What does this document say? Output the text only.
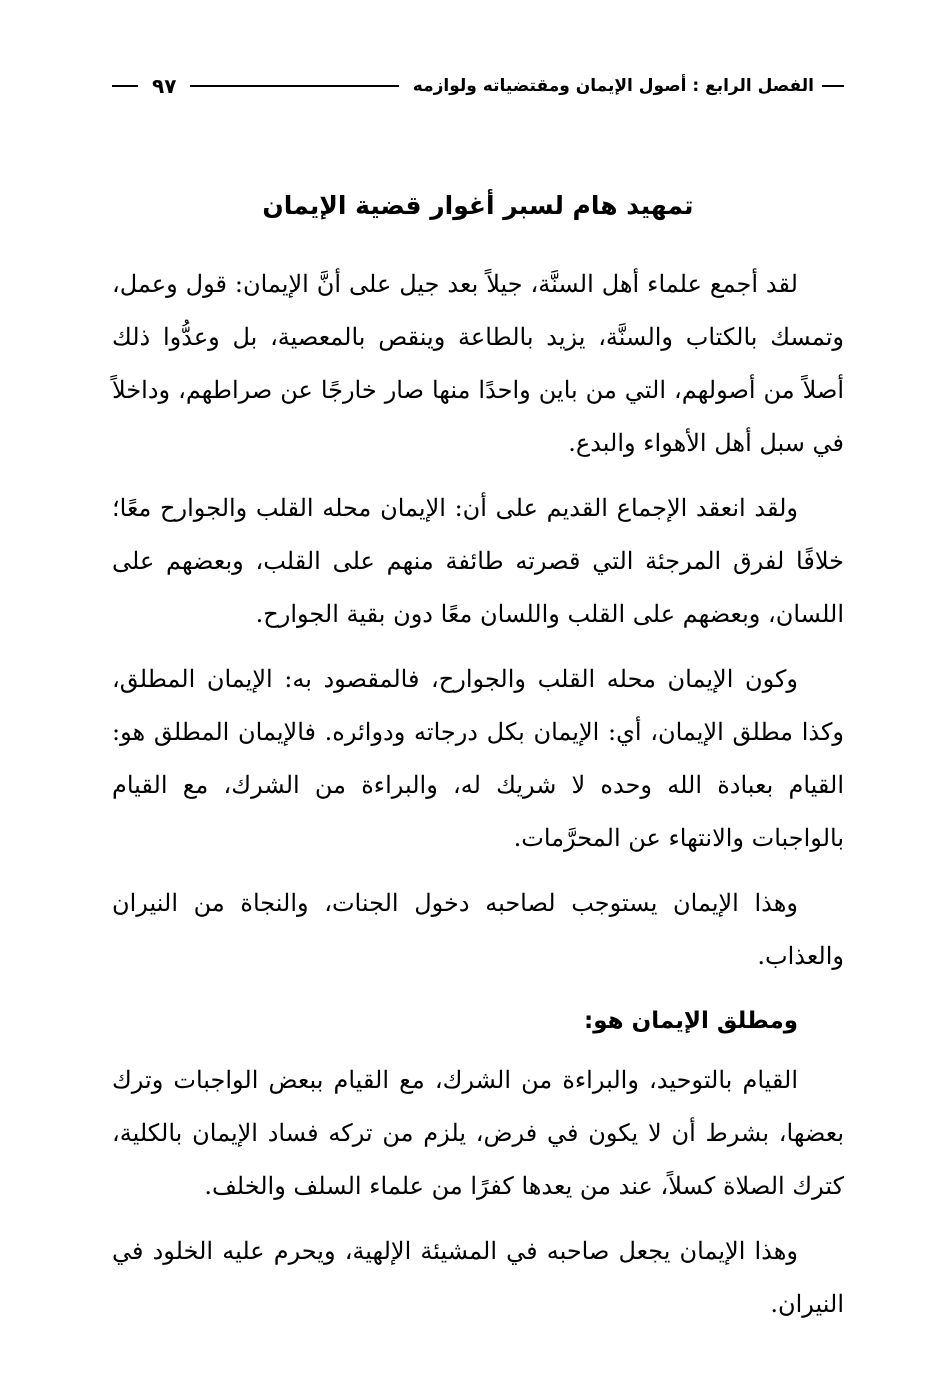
الفصل الرابع : أصول الإيمان ومقتضياته ولوازمه
٩٧
تمهيد هام لسبر أغوار قضية الإيمان

لقد أجمع علماء أهل السنَّة، جيلاً بعد جيل على أنَّ الإيمان: قول وعمل، وتمسك بالكتاب والسنَّة، يزيد بالطاعة وينقص بالمعصية، بل وعدُّوا ذلك أصلاً من أصولهم، التي من باين واحدًا منها صار خارجًا عن صراطهم، وداخلاً في سبل أهل الأهواء والبدع.

ولقد انعقد الإجماع القديم على أن: الإيمان محله القلب والجوارح معًا؛ خلافًا لفرق المرجئة التي قصرته طائفة منهم على القلب، وبعضهم على اللسان، وبعضهم على القلب واللسان معًا دون بقية الجوارح.

وكون الإيمان محله القلب والجوارح، فالمقصود به: الإيمان المطلق، وكذا مطلق الإيمان، أي: الإيمان بكل درجاته ودوائره. فالإيمان المطلق هو: القيام بعبادة الله وحده لا شريك له، والبراءة من الشرك، مع القيام بالواجبات والانتهاء عن المحرَّمات.

وهذا الإيمان يستوجب لصاحبه دخول الجنات، والنجاة من النيران والعذاب.

ومطلق الإيمان هو:

القيام بالتوحيد، والبراءة من الشرك، مع القيام ببعض الواجبات وترك بعضها، بشرط أن لا يكون في فرض، يلزم من تركه فساد الإيمان بالكلية، كترك الصلاة كسلاً، عند من يعدها كفرًا من علماء السلف والخلف.

وهذا الإيمان يجعل صاحبه في المشيئة الإلهية، ويحرم عليه الخلود في النيران.
